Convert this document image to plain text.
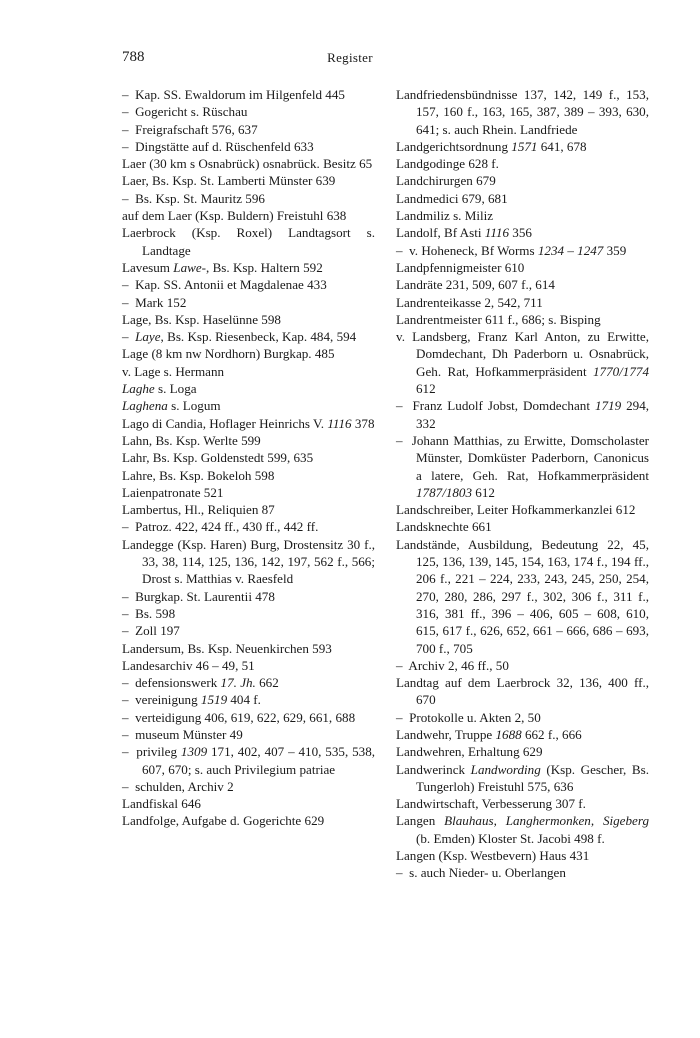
788	Register
–  Kap. SS. Ewaldorum im Hilgenfeld 445
–  Gogericht s. Rüschau
–  Freigrafschaft 576, 637
–  Dingstätte auf d. Rüschenfeld 633
Laer (30 km s Osnabrück) osnabrück. Besitz 65
Laer, Bs. Ksp. St. Lamberti Münster 639
–  Bs. Ksp. St. Mauritz 596
auf dem Laer (Ksp. Buldern) Freistuhl 638
Laerbrock (Ksp. Roxel) Landtagsort s. Landtage
Lavesum Lawe-, Bs. Ksp. Haltern 592
–  Kap. SS. Antonii et Magdalenae 433
–  Mark 152
Lage, Bs. Ksp. Haselünne 598
–  Laye, Bs. Ksp. Riesenbeck, Kap. 484, 594
Lage (8 km nw Nordhorn) Burgkap. 485
v. Lage s. Hermann
Laghe s. Loga
Laghena s. Logum
Lago di Candia, Hoflager Heinrichs V. 1116 378
Lahn, Bs. Ksp. Werlte 599
Lahr, Bs. Ksp. Goldenstedt 599, 635
Lahre, Bs. Ksp. Bokeloh 598
Laienpatronate 521
Lambertus, Hl., Reliquien 87
–  Patroz. 422, 424 ff., 430 ff., 442 ff.
Landegge (Ksp. Haren) Burg, Drostensitz 30 f., 33, 38, 114, 125, 136, 142, 197, 562 f., 566; Drost s. Matthias v. Raesfeld
–  Burgkap. St. Laurentii 478
–  Bs. 598
–  Zoll 197
Landersum, Bs. Ksp. Neuenkirchen 593
Landesarchiv 46 – 49, 51
–  defensionswerk 17. Jh. 662
–  vereinigung 1519 404 f.
–  verteidigung 406, 619, 622, 629, 661, 688
–  museum Münster 49
–  privileg 1309 171, 402, 407 – 410, 535, 538, 607, 670; s. auch Privilegium patriae
–  schulden, Archiv 2
Landfiskal 646
Landfolge, Aufgabe d. Gogerichte 629
Landfriedensbündnisse 137, 142, 149 f., 153, 157, 160 f., 163, 165, 387, 389 – 393, 630, 641; s. auch Rhein. Landfriede
Landgerichtsordnung 1571 641, 678
Landgodinge 628 f.
Landchirurgen 679
Landmedici 679, 681
Landmiliz s. Miliz
Landolf, Bf Asti 1116 356
–  v. Hoheneck, Bf Worms 1234 – 1247 359
Landpfennigmeister 610
Landräte 231, 509, 607 f., 614
Landrenteikasse 2, 542, 711
Landrentmeister 611 f., 686; s. Bisping
v. Landsberg, Franz Karl Anton, zu Erwitte, Domdechant, Dh Paderborn u. Osnabrück, Geh. Rat, Hofkammerpräsident 1770/1774 612
–  Franz Ludolf Jobst, Domdechant 1719 294, 332
–  Johann Matthias, zu Erwitte, Domscholaster Münster, Domküster Paderborn, Canonicus a latere, Geh. Rat, Hofkammerpräsident 1787/1803 612
Landschreiber, Leiter Hofkammerkanzlei 612
Landsknechte 661
Landstände, Ausbildung, Bedeutung 22, 45, 125, 136, 139, 145, 154, 163, 174 f., 194 ff., 206 f., 221 – 224, 233, 243, 245, 250, 254, 270, 280, 286, 297 f., 302, 306 f., 311 f., 316, 381 ff., 396 – 406, 605 – 608, 610, 615, 617 f., 626, 652, 661 – 666, 686 – 693, 700 f., 705
–  Archiv 2, 46 ff., 50
Landtag auf dem Laerbrock 32, 136, 400 ff., 670
–  Protokolle u. Akten 2, 50
Landwehr, Truppe 1688 662 f., 666
Landwehren, Erhaltung 629
Landwerinck Landwording (Ksp. Gescher, Bs. Tungerloh) Freistuhl 575, 636
Landwirtschaft, Verbesserung 307 f.
Langen Blauhaus, Langhermonken, Sigeberg (b. Emden) Kloster St. Jacobi 498 f.
Langen (Ksp. Westbevern) Haus 431
–  s. auch Nieder- u. Oberlangen
